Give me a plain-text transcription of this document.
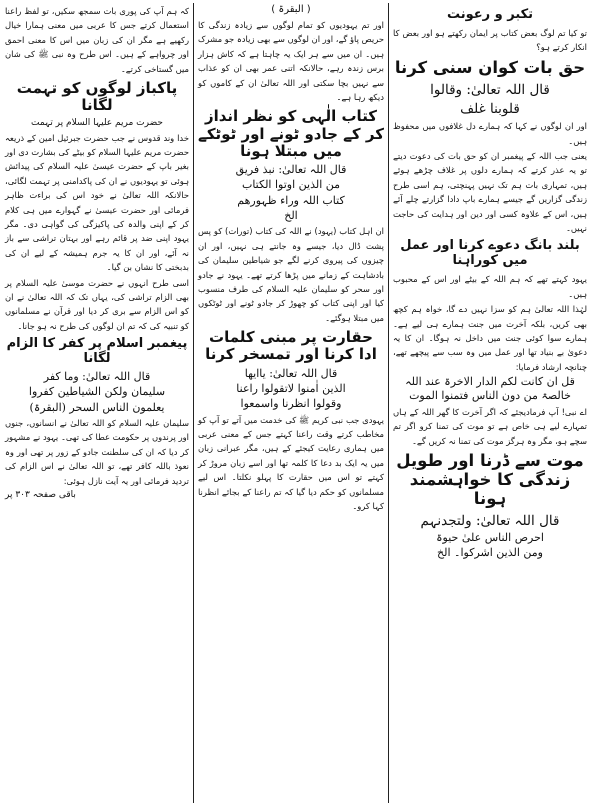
کہ ہم آپ کی پوری بات سمجھ سکیں، تو لفظ راعنا استعمال کرتے جس کا عربی میں معنی ہمارا خیال رکھیے ہے مگر ان کی زبان میں اس کا معنی احمق اور چرواہے کے ہیں۔ اس طرح وہ نبی ﷺ کی شان میں گستاخی کرتے۔

پاکباز لوگوں کو تہمت لگانا
حضرت مریم علیہا السلام پر تہمت

خدا وند قدوس نے جب حضرت جبرئیل امین کے ذریعہ حضرت مریم علیہا السلام کو بیٹے کی بشارت دی اور بغیر باپ کے حضرت عیسیٰ علیہ السلام کی پیدائش ہوئی تو یہودیوں نے ان کی پاکدامنی پر تہمت لگائی، حالانکہ اللہ تعالیٰ نے خود اس کی براءت ظاہر فرمائی اور حضرت عیسیٰ نے گہوارے میں ہی کلام کر کے اپنی والدہ کی پاکیزگی کی گواہی دی۔ مگر یہود اپنی ضد پر قائم رہے اور بہتان تراشی سے باز نہ آئے، اور ان کا یہ جرم ہمیشہ کے لیے ان کی بدبختی کا نشان بن گیا۔

اسی طرح انہوں نے حضرت موسیٰ علیہ السلام پر بھی الزام تراشی کی، یہاں تک کہ اللہ تعالیٰ نے ان کو اس الزام سے بری کر دیا اور قرآن نے مسلمانوں کو تنبیہ کی کہ تم ان لوگوں کی طرح نہ ہو جانا۔

پیغمبر اسلام پر کفر کا الزام لگانا
قال اللہ تعالیٰ: وما کفر
سلیمان ولکن الشیاطین کفروا
یعلمون الناس السحر (البقرۃ)

سلیمان علیہ السلام کو اللہ تعالیٰ نے انسانوں، جنوں اور پرندوں پر حکومت عطا کی تھی۔ یہود نے مشہور کر دیا کہ ان کی سلطنت جادو کے زور پر تھی اور وہ نعوذ باللہ کافر تھے، تو اللہ تعالیٰ نے اس الزام کی تردید فرمائی اور یہ آیت نازل ہوئی:

باقی صفحہ ۳۰۳ پر
( البقرۃ )

اور تم یہودیوں کو تمام لوگوں سے زیادہ زندگی کا حریص پاؤ گے، اور ان لوگوں سے بھی زیادہ جو مشرک ہیں۔ ان میں سے ہر ایک یہ چاہتا ہے کہ کاش ہزار برس زندہ رہے، حالانکہ اتنی عمر بھی ان کو عذاب سے نہیں بچا سکتی اور اللہ تعالیٰ ان کے کاموں کو دیکھ رہا ہے۔

کتاب الٰہی کو نظر انداز کر کے جادو ٹونے اور ٹوٹکے میں مبتلا ہونا
قال اللہ تعالیٰ: نبذ فریق
من الذین اوتوا الکتاب
کتاب اللہ وراء ظہورھم
الخ

ان اہل کتاب (یہود) نے اللہ کی کتاب (تورات) کو پس پشت ڈال دیا، جیسے وہ جانتے ہی نہیں، اور ان چیزوں کی پیروی کرنے لگے جو شیاطین سلیمان کی بادشاہت کے زمانے میں پڑھا کرتے تھے۔ یہود نے جادو اور سحر کو سلیمان علیہ السلام کی طرف منسوب کیا اور اپنی کتاب کو چھوڑ کر جادو ٹونے اور ٹوٹکوں میں مبتلا ہوگئے۔

حقارت پر مبنی کلمات ادا کرنا اور تمسخر کرنا
قال اللہ تعالیٰ: یاایھا
الذین اٰمنوا لاتقولوا راعنا
وقولوا انظرنا واسمعوا

یہودی جب نبی کریم ﷺ کی خدمت میں آتے تو آپ کو مخاطب کرتے وقت راعنا کہتے جس کے معنی عربی میں ہماری رعایت کیجئے کے ہیں، مگر عبرانی زبان میں یہ ایک بد دعا کا کلمہ تھا اور اسے زبان مروڑ کر کہتے تو اس میں حقارت کا پہلو نکلتا۔ اس لیے مسلمانوں کو حکم دیا گیا کہ تم راعنا کے بجائے انظرنا کہا کرو۔

تکبر و رعونت

تو کیا تم لوگ بعض کتاب پر ایمان رکھتے ہو اور بعض کا انکار کرتے ہو؟

حق بات کوان سنی کرنا
قال اللہ تعالیٰ: وقالوا
قلوبنا غلف

اور ان لوگوں نے کہا کہ ہمارے دل غلافوں میں محفوظ ہیں۔

یعنی جب اللہ کے پیغمبر ان کو حق بات کی دعوت دیتے تو یہ عذر کرتے کہ ہمارے دلوں پر غلاف چڑھے ہوئے ہیں، تمہاری بات ہم تک نہیں پہنچتی، ہم اسی طرح زندگی گزاریں گے جیسے ہمارے باپ دادا گزارتے چلے آئے ہیں، اس کے علاوہ کسی اور دین اور ہدایت کی حاجت نہیں۔

بلند بانگ دعوے کرنا اور عمل میں کوراہنا

یہود کہتے تھے کہ ہم اللہ کے بیٹے اور اس کے محبوب ہیں۔

لہٰذا اللہ تعالیٰ ہم کو سزا نہیں دے گا، خواہ ہم کچھ بھی کریں، بلکہ آخرت میں جنت ہمارے ہی لیے ہے۔ ہمارے سوا کوئی جنت میں داخل نہ ہوگا۔ ان کا یہ دعویٰ بے بنیاد تھا اور عمل میں وہ سب سے پیچھے تھے، چنانچہ ارشاد فرمایا:

قل ان کانت لکم الدار الاخرۃ عند اللہ خالصۃ من دون الناس فتمنوا الموت

اے نبی! آپ فرمادیجئے کہ اگر آخرت کا گھر اللہ کے ہاں تمہارے لیے ہی خاص ہے تو موت کی تمنا کرو اگر تم سچے ہو، مگر وہ ہرگز موت کی تمنا نہ کریں گے۔

موت سے ڈرنا اور طویل زندگی کا خواہشمند ہونا
قال اللہ تعالیٰ: ولتجدنہم
احرص الناس علیٰ حیوۃ
ومن الذین اشرکوا۔ الخ
